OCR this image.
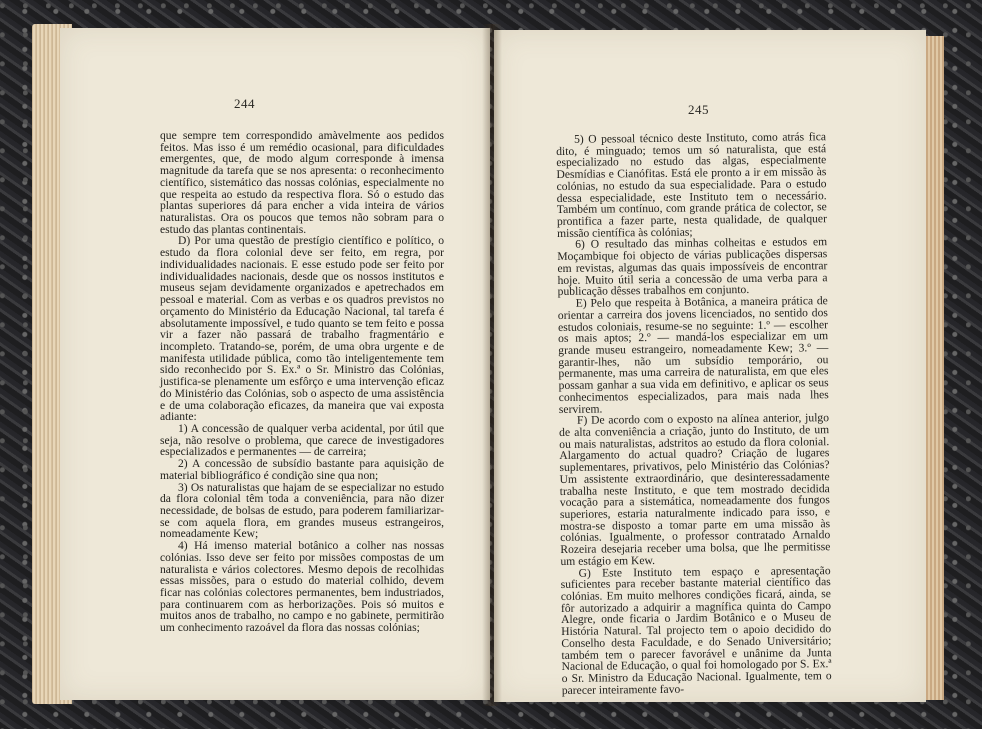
244	245

que sempre tem correspondido amàvelmente aos pedidos feitos. Mas isso é um remédio ocasional, para dificuldades emergentes, que, de modo algum corresponde à imensa magnitude da tarefa que se nos apresenta: o reconhecimento científico, sistemático das nossas colónias, especialmente no que respeita ao estudo da respectiva flora. Só o estudo das plantas superiores dá para encher a vida inteira de vários naturalistas. Ora os poucos que temos não sobram para o estudo das plantas continentais.

D) Por uma questão de prestígio científico e político, o estudo da flora colonial deve ser feito, em regra, por individualidades nacionais. E esse estudo pode ser feito por individualidades nacionais, desde que os nossos institutos e museus sejam devidamente organizados e apetrechados em pessoal e material. Com as verbas e os quadros previstos no orçamento do Ministério da Educação Nacional, tal tarefa é absolutamente impossível, e tudo quanto se tem feito e possa vir a fazer não passará de trabalho fragmentário e incompleto. Tratando-se, porém, de uma obra urgente e de manifesta utilidade pública, como tão inteligentemente tem sido reconhecido por S. Ex.ª o Sr. Ministro das Colónias, justifica-se plenamente um esfôrço e uma intervenção eficaz do Ministério das Colónias, sob o aspecto de uma assistência e de uma colaboração eficazes, da maneira que vai exposta adiante:

1) A concessão de qualquer verba acidental, por útil que seja, não resolve o problema, que carece de investigadores especializados e permanentes — de carreira;

2) A concessão de subsídio bastante para aquisição de material bibliográfico é condição sine qua non;

3) Os naturalistas que hajam de se especializar no estudo da flora colonial têm toda a conveniência, para não dizer necessidade, de bolsas de estudo, para poderem familiarizar-se com aquela flora, em grandes museus estrangeiros, nomeadamente Kew;

4) Há imenso material botânico a colher nas nossas colónias. Isso deve ser feito por missões compostas de um naturalista e vários colectores. Mesmo depois de recolhidas essas missões, para o estudo do material colhido, devem ficar nas colónias colectores permanentes, bem industriados, para continuarem com as herborizações. Pois só muitos e muitos anos de trabalho, no campo e no gabinete, permitirão um conhecimento razoável da flora das nossas colónias;

5) O pessoal técnico deste Instituto, como atrás fica dito, é minguado; temos um só naturalista, que está especializado no estudo das algas, especialmente Desmídias e Cianófitas. Está ele pronto a ir em missão às colónias, no estudo da sua especialidade. Para o estudo dessa especialidade, este Instituto tem o necessário. Também um contínuo, com grande prática de colector, se prontifica a fazer parte, nesta qualidade, de qualquer missão científica às colónias;

6) O resultado das minhas colheitas e estudos em Moçambique foi objecto de várias publicações dispersas em revistas, algumas das quais impossíveis de encontrar hoje. Muito útil seria a concessão de uma verba para a publicação dêsses trabalhos em conjunto.

E) Pelo que respeita à Botânica, a maneira prática de orientar a carreira dos jovens licenciados, no sentido dos estudos coloniais, resume-se no seguinte: 1.º — escolher os mais aptos; 2.º — mandá-los especializar em um grande museu estrangeiro, nomeadamente Kew; 3.º — garantir-lhes, não um subsídio temporário, ou permanente, mas uma carreira de naturalista, em que eles possam ganhar a sua vida em definitivo, e aplicar os seus conhecimentos especializados, para mais nada lhes servirem.

F) De acordo com o exposto na alínea anterior, julgo de alta conveniência a criação, junto do Instituto, de um ou mais naturalistas, adstritos ao estudo da flora colonial. Alargamento do actual quadro? Criação de lugares suplementares, privativos, pelo Ministério das Colónias? Um assistente extraordinário, que desinteressadamente trabalha neste Instituto, e que tem mostrado decidida vocação para a sistemática, nomeadamente dos fungos superiores, estaria naturalmente indicado para isso, e mostra-se disposto a tomar parte em uma missão às colónias. Igualmente, o professor contratado Arnaldo Rozeira desejaria receber uma bolsa, que lhe permitisse um estágio em Kew.

G) Este Instituto tem espaço e apresentação suficientes para receber bastante material científico das colónias. Em muito melhores condições ficará, ainda, se fôr autorizado a adquirir a magnífica quinta do Campo Alegre, onde ficaria o Jardim Botânico e o Museu de História Natural. Tal projecto tem o apoio decidido do Conselho desta Faculdade, e do Senado Universitário; também tem o parecer favorável e unânime da Junta Nacional de Educação, o qual foi homologado por S. Ex.ª o Sr. Ministro da Educação Nacional. Igualmente, tem o parecer inteiramente favo-
